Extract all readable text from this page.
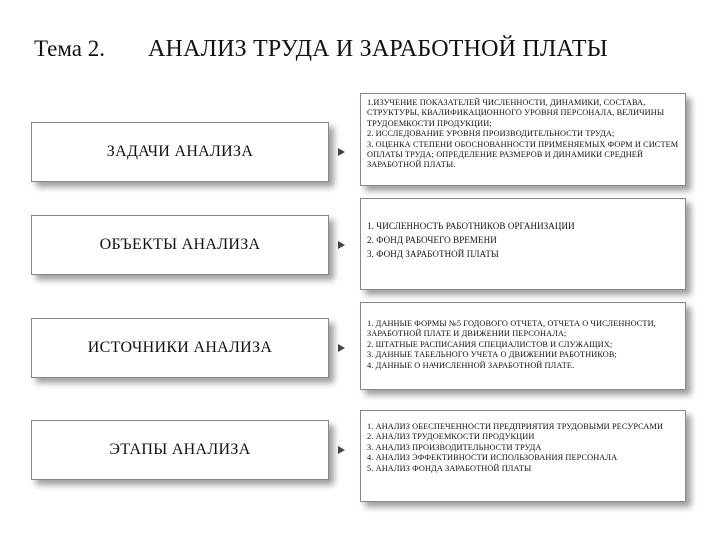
Тема 2. АНАЛИЗ ТРУДА И ЗАРАБОТНОЙ ПЛАТЫ
ЗАДАЧИ АНАЛИЗА
1.ИЗУЧЕНИЕ ПОКАЗАТЕЛЕЙ ЧИСЛЕННОСТИ, ДИНАМИКИ, СОСТАВА, СТРУКТУРЫ, КВАЛИФИКАЦИОННОГО УРОВНЯ ПЕРСОНАЛА, ВЕЛИЧИНЫ ТРУДОЕМКОСТИ ПРОДУКЦИИ;
2. ИССЛЕДОВАНИЕ УРОВНЯ ПРОИЗВОДИТЕЛЬНОСТИ ТРУДА;
3. ОЦЕНКА СТЕПЕНИ ОБОСНОВАННОСТИ ПРИМЕНЯЕМЫХ ФОРМ И СИСТЕМ ОПЛАТЫ ТРУДА; ОПРЕДЕЛЕНИЕ РАЗМЕРОВ И ДИНАМИКИ СРЕДНЕЙ ЗАРАБОТНОЙ ПЛАТЫ.
ОБЪЕКТЫ АНАЛИЗА
1. ЧИСЛЕННОСТЬ РАБОТНИКОВ ОРГАНИЗАЦИИ
2. ФОНД РАБОЧЕГО ВРЕМЕНИ
3. ФОНД ЗАРАБОТНОЙ ПЛАТЫ
ИСТОЧНИКИ АНАЛИЗА
1. ДАННЫЕ ФОРМЫ №5 ГОДОВОГО ОТЧЕТА, ОТЧЕТА О ЧИСЛЕННОСТИ, ЗАРАБОТНОЙ ПЛАТЕ И ДВИЖЕНИИ ПЕРСОНАЛА;
2. ШТАТНЫЕ РАСПИСАНИЯ СПЕЦИАЛИСТОВ И СЛУЖАЩИХ;
3. ДАННЫЕ ТАБЕЛЬНОГО УЧЕТА О ДВИЖЕНИИ РАБОТНИКОВ;
4. ДАННЫЕ О НАЧИСЛЕННОЙ ЗАРАБОТНОЙ ПЛАТЕ.
ЭТАПЫ АНАЛИЗА
1. АНАЛИЗ ОБЕСПЕЧЕННОСТИ ПРЕДПРИЯТИЯ ТРУДОВЫМИ РЕСУРСАМИ
2. АНАЛИЗ ТРУДОЕМКОСТИ ПРОДУКЦИИ
3. АНАЛИЗ ПРОИЗВОДИТЕЛЬНОСТИ ТРУДА
4. АНАЛИЗ ЭФФЕКТИВНОСТИ ИСПОЛЬЗОВАНИЯ ПЕРСОНАЛА
5. АНАЛИЗ ФОНДА ЗАРАБОТНОЙ ПЛАТЫ
